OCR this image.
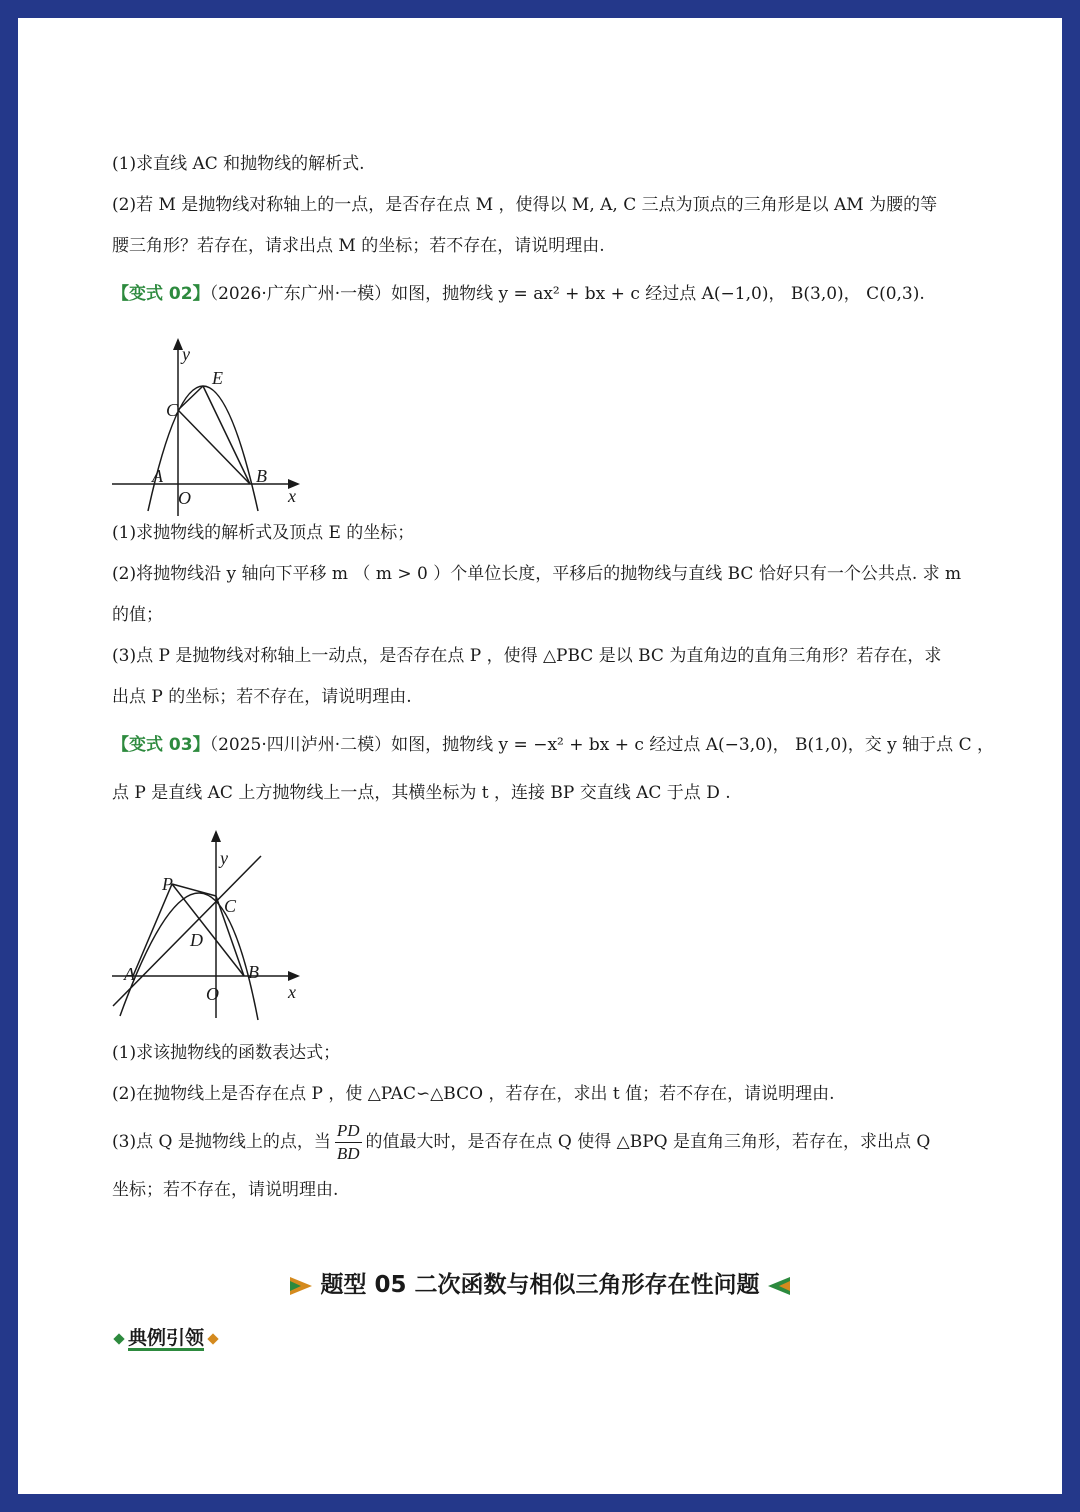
(1)求直线 AC 和抛物线的解析式.
(2)若 M 是抛物线对称轴上的一点，是否存在点 M ，使得以 M, A, C 三点为顶点的三角形是以 AM 为腰的等
腰三角形？若存在，请求出点 M 的坐标；若不存在，请说明理由.
【变式 02】（2026·广东广州·一模）如图，抛物线 y = ax² + bx + c 经过点 A(−1,0)， B(3,0)， C(0,3).
y
E
C
A
O
B
x
(1)求抛物线的解析式及顶点 E 的坐标；
(2)将抛物线沿 y 轴向下平移 m （ m > 0 ）个单位长度，平移后的抛物线与直线 BC 恰好只有一个公共点. 求 m
的值；
(3)点 P 是抛物线对称轴上一动点，是否存在点 P ，使得 △PBC 是以 BC 为直角边的直角三角形？若存在，求
出点 P 的坐标；若不存在，请说明理由.
【变式 03】（2025·四川泸州·二模）如图，抛物线 y = −x² + bx + c 经过点 A(−3,0)， B(1,0)，交 y 轴于点 C ，
点 P 是直线 AC 上方抛物线上一点，其横坐标为 t ，连接 BP 交直线 AC 于点 D .
y
P
C
D
A	B
O	x
(1)求该抛物线的函数表达式；
(2)在抛物线上是否存在点 P ，使 △PAC∽△BCO ，若存在，求出 t 值；若不存在，请说明理由.
(3)点 Q 是抛物线上的点，当 $\frac{PD}{BD}$ 的值最大时，是否存在点 Q 使得 △BPQ 是直角三角形，若存在，求出点 Q
坐标；若不存在，请说明理由.
题型 05 二次函数与相似三角形存在性问题
典例引领
